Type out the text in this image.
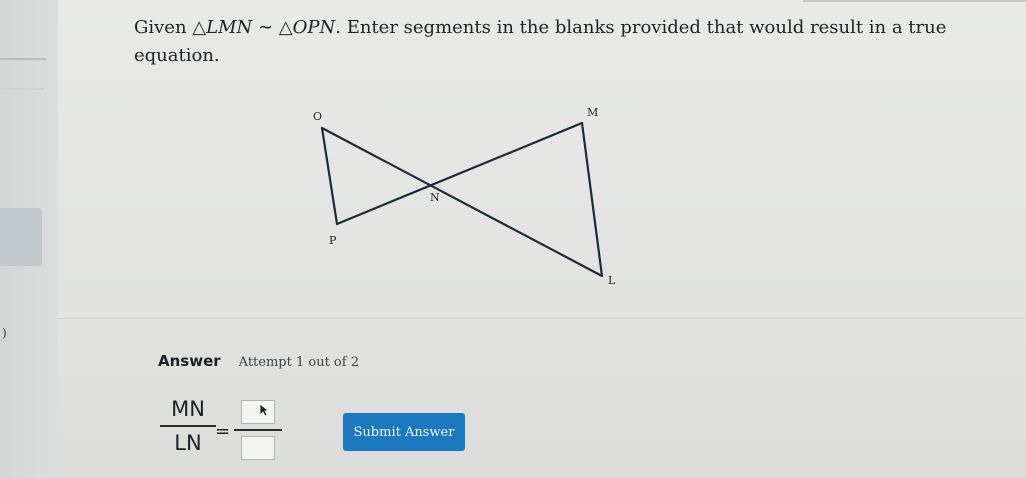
)

Given △LMN ∼ △OPN. Enter segments in the blanks provided that would result in a true equation.

O	M
N
P
L
Answer Attempt 1 out of 2
MN
LN =	Submit Answer
